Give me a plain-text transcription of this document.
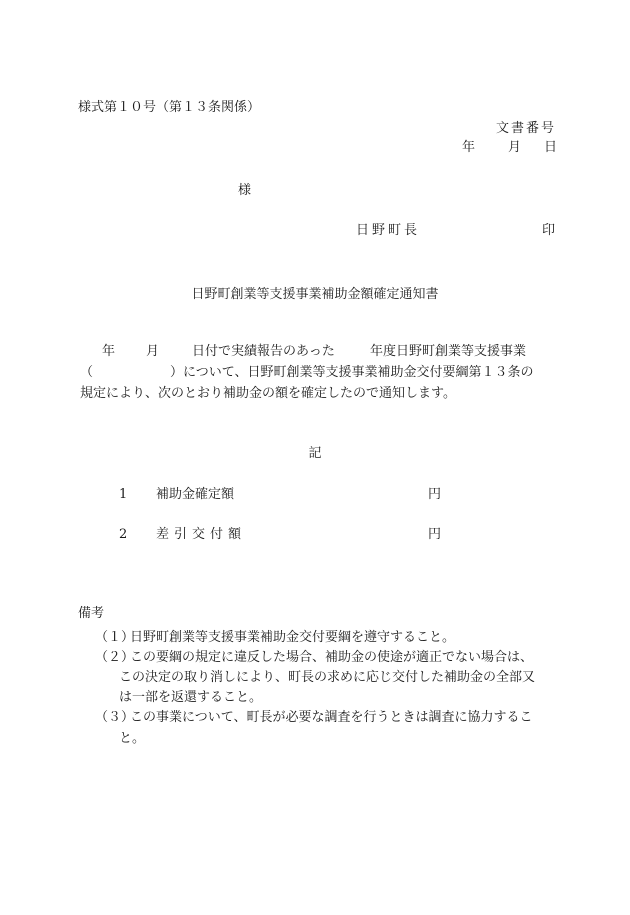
様式第１０号（第１３条関係）
文書番号
年	月 日
様
日野町長	印
日野町創業等支援事業補助金額確定通知書
年 月	日付で実績報告のあった	年度日野町創業等支援事業
（	）について、日野町創業等支援事業補助金交付要綱第１３条の
規定により、次のとおり補助金の額を確定したので通知します。
記
1 補助金確定額	円
2 差引交付額	円
備考
（１）
日野町創業等支援事業補助金交付要綱を遵守すること。
（２）
この要綱の規定に違反した場合、補助金の使途が適正でない場合は、
この決定の取り消しにより、町長の求めに応じ交付した補助金の全部又
は一部を返還すること。
（３）
この事業について、町長が必要な調査を行うときは調査に協力するこ
と。
